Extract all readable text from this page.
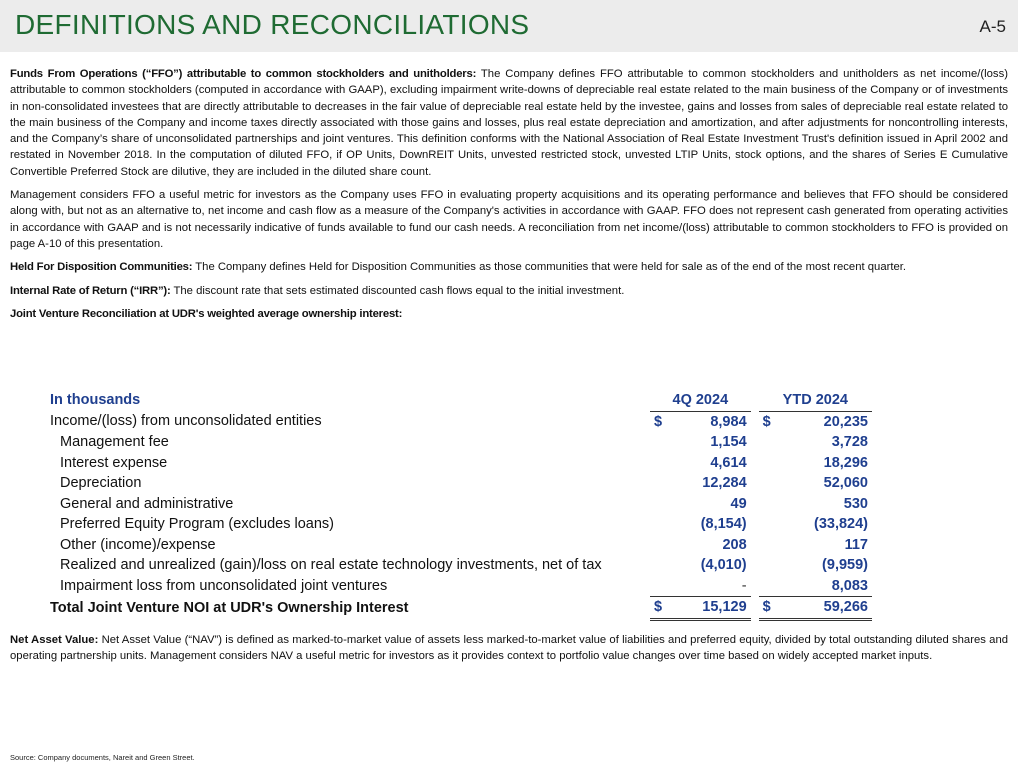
DEFINITIONS AND RECONCILIATIONS	A-5

Funds From Operations (“FFO”) attributable to common stockholders and unitholders: The Company defines FFO attributable to common stockholders and unitholders as net income/(loss) attributable to common stockholders (computed in accordance with GAAP), excluding impairment write-downs of depreciable real estate related to the main business of the Company or of investments in non-consolidated investees that are directly attributable to decreases in the fair value of depreciable real estate held by the investee, gains and losses from sales of depreciable real estate related to the main business of the Company and income taxes directly associated with those gains and losses, plus real estate depreciation and amortization, and after adjustments for noncontrolling interests, and the Company’s share of unconsolidated partnerships and joint ventures. This definition conforms with the National Association of Real Estate Investment Trust's definition issued in April 2002 and restated in November 2018. In the computation of diluted FFO, if OP Units, DownREIT Units, unvested restricted stock, unvested LTIP Units, stock options, and the shares of Series E Cumulative Convertible Preferred Stock are dilutive, they are included in the diluted share count.

Management considers FFO a useful metric for investors as the Company uses FFO in evaluating property acquisitions and its operating performance and believes that FFO should be considered along with, but not as an alternative to, net income and cash flow as a measure of the Company's activities in accordance with GAAP. FFO does not represent cash generated from operating activities in accordance with GAAP and is not necessarily indicative of funds available to fund our cash needs. A reconciliation from net income/(loss) attributable to common stockholders to FFO is provided on page A-10 of this presentation.

Held For Disposition Communities: The Company defines Held for Disposition Communities as those communities that were held for sale as of the end of the most recent quarter.

Internal Rate of Return (“IRR”): The discount rate that sets estimated discounted cash flows equal to the initial investment.

Joint Venture Reconciliation at UDR's weighted average ownership interest:

In thousands	4Q 2024			YTD 2024	
Income/(loss) from unconsolidated entities	$	8,984		$	20,235
Management fee		1,154			3,728
Interest expense		4,614			18,296
Depreciation		12,284			52,060
General and administrative		49			530
Preferred Equity Program (excludes loans)		(8,154)			(33,824)
Other (income)/expense		208			117
Realized and unrealized (gain)/loss on real estate technology investments, net of tax		(4,010)			(9,959)
Impairment loss from unconsolidated joint ventures		-			8,083
Total Joint Venture NOI at UDR's Ownership Interest	$	15,129		$	59,266
Net Asset Value: Net Asset Value (“NAV”) is defined as marked-to-market value of assets less marked-to-market value of liabilities and preferred equity, divided by total outstanding diluted shares and operating partnership units. Management considers NAV a useful metric for investors as it provides context to portfolio value changes over time based on widely accepted market inputs.
Source: Company documents, Nareit and Green Street.
